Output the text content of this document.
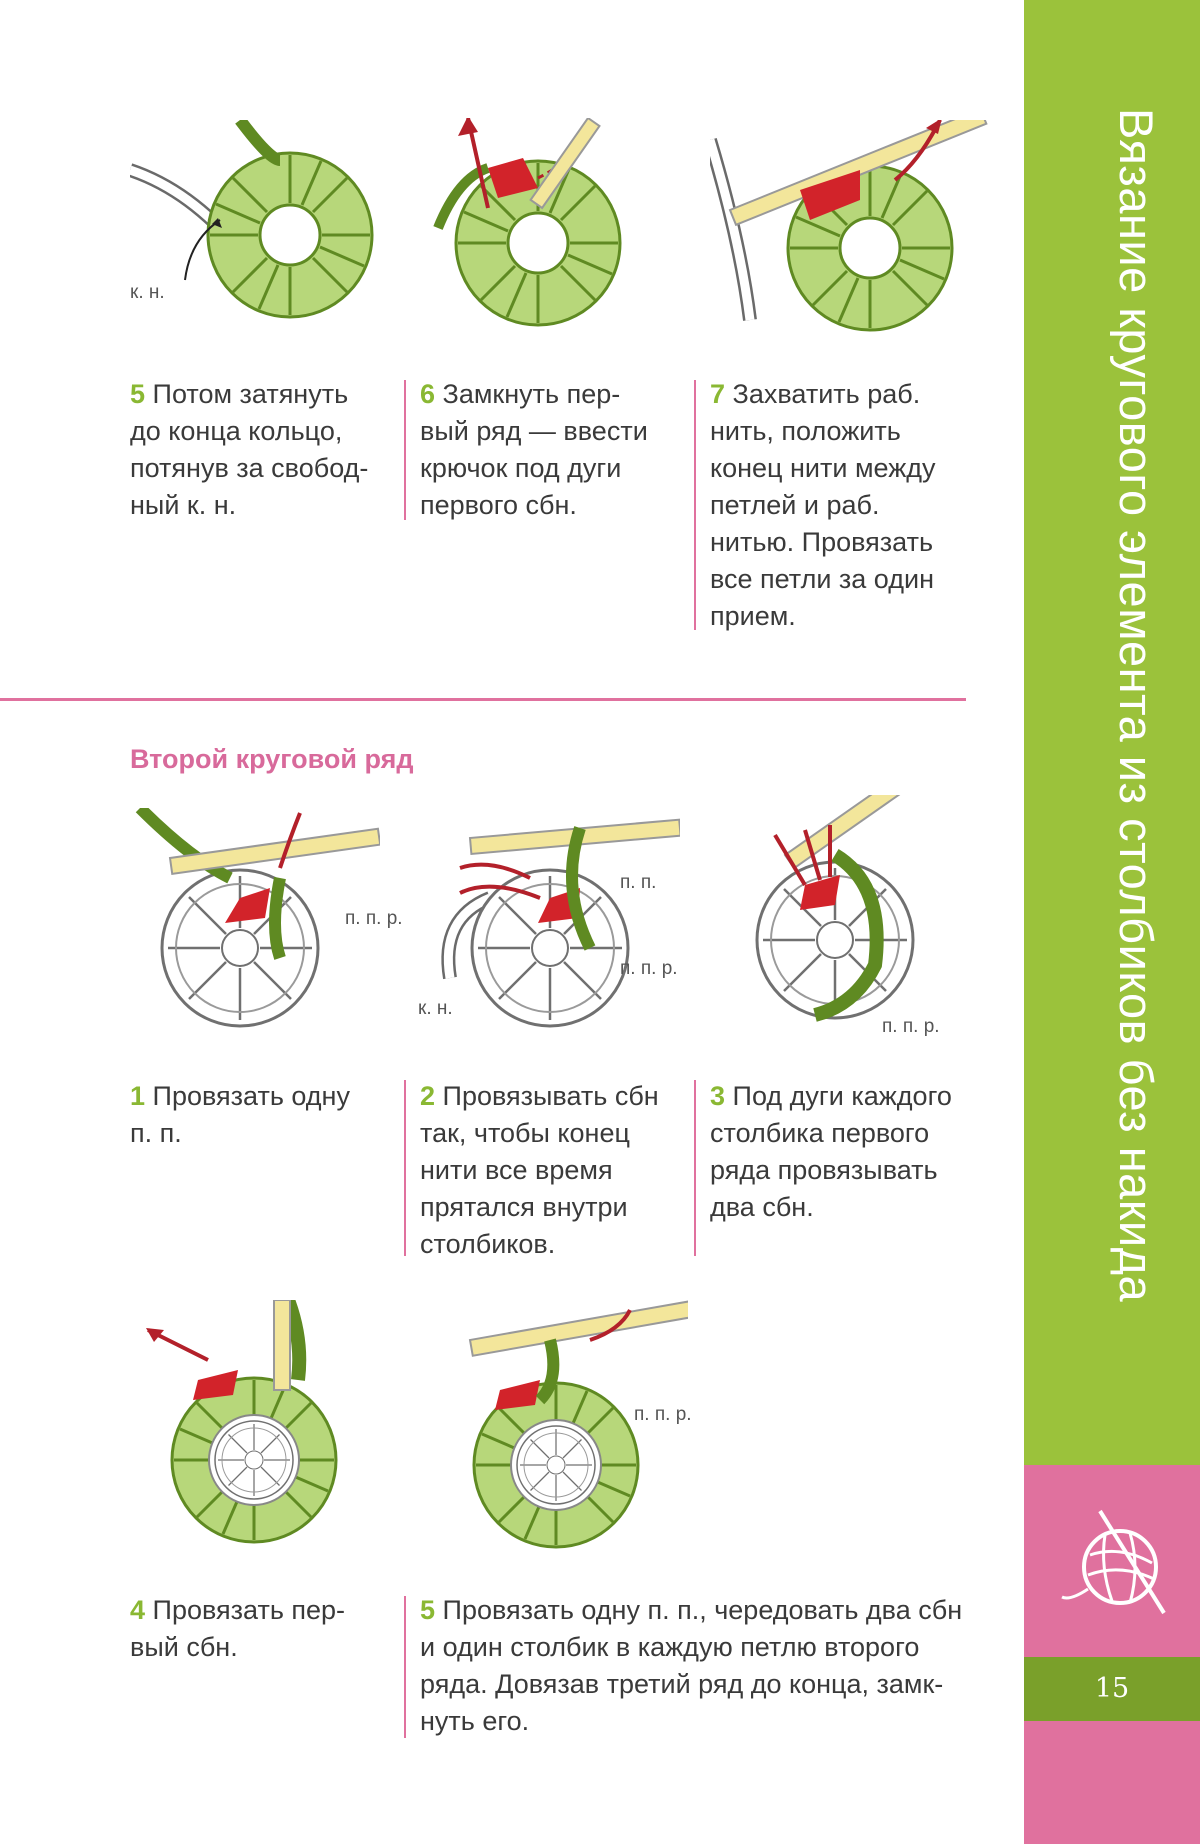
к. н.
5 Потом затянуть
до конца кольцо,
потянув за свобод-
ный к. н.
6 Замкнуть пер-
вый ряд — ввести
крючок под дуги
первого сбн.
7 Захватить раб.
нить, положить
конец нити между
петлей и раб.
нитью. Провязать
все петли за один
прием.
Второй круговой ряд
п. п. р.
п. п.
п. п. р.
к. н.
п. п. р.
1 Провязать одну
п. п.
2 Провязывать сбн
так, чтобы конец
нити все время
прятался внутри
столбиков.
3 Под дуги каждого
столбика первого
ряда провязывать
два сбн.
п. п. р.
4 Провязать пер-
вый сбн.
5 Провязать одну п. п., чередовать два сбн
и один столбик в каждую петлю второго
ряда. Довязав третий ряд до конца, замк-
нуть его.
Вязание кругового элемента из столбиков без накида
15
